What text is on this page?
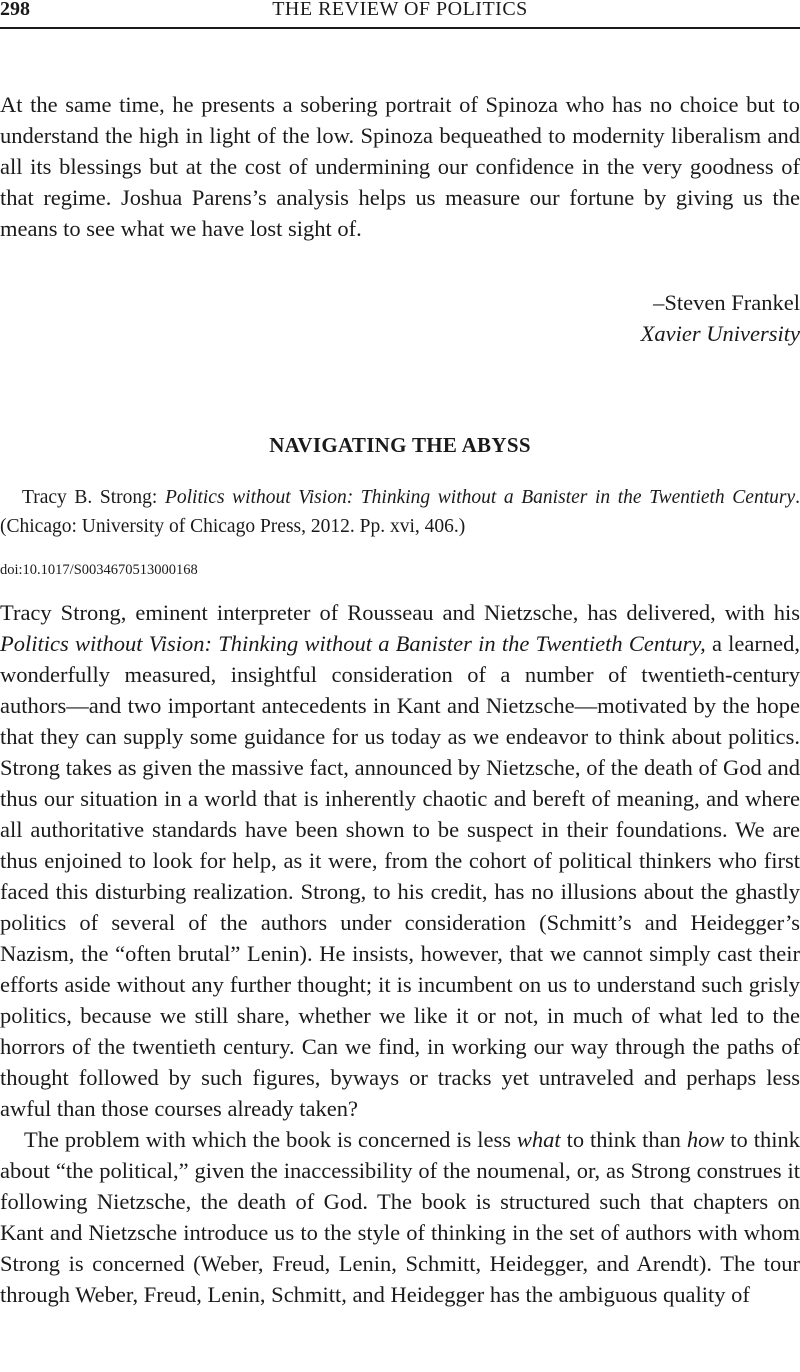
298	THE REVIEW OF POLITICS

At the same time, he presents a sobering portrait of Spinoza who has no choice but to understand the high in light of the low. Spinoza bequeathed to modernity liberalism and all its blessings but at the cost of undermining our confidence in the very goodness of that regime. Joshua Parens’s analysis helps us measure our fortune by giving us the means to see what we have lost sight of.

–Steven Frankel
Xavier University
NAVIGATING THE ABYSS

Tracy B. Strong: Politics without Vision: Thinking without a Banister in the Twentieth Century. (Chicago: University of Chicago Press, 2012. Pp. xvi, 406.)

doi:10.1017/S0034670513000168

Tracy Strong, eminent interpreter of Rousseau and Nietzsche, has delivered, with his Politics without Vision: Thinking without a Banister in the Twentieth Century, a learned, wonderfully measured, insightful consideration of a number of twentieth-century authors—and two important antecedents in Kant and Nietzsche—motivated by the hope that they can supply some guidance for us today as we endeavor to think about politics. Strong takes as given the massive fact, announced by Nietzsche, of the death of God and thus our situation in a world that is inherently chaotic and bereft of meaning, and where all authoritative standards have been shown to be suspect in their foundations. We are thus enjoined to look for help, as it were, from the cohort of political thinkers who first faced this disturbing realization. Strong, to his credit, has no illusions about the ghastly politics of several of the authors under consideration (Schmitt’s and Heidegger’s Nazism, the “often brutal” Lenin). He insists, however, that we cannot simply cast their efforts aside without any further thought; it is incumbent on us to understand such grisly politics, because we still share, whether we like it or not, in much of what led to the horrors of the twentieth century. Can we find, in working our way through the paths of thought followed by such figures, byways or tracks yet untraveled and perhaps less awful than those courses already taken?

The problem with which the book is concerned is less what to think than how to think about “the political,” given the inaccessibility of the noumenal, or, as Strong construes it following Nietzsche, the death of God. The book is structured such that chapters on Kant and Nietzsche introduce us to the style of thinking in the set of authors with whom Strong is concerned (Weber, Freud, Lenin, Schmitt, Heidegger, and Arendt). The tour through Weber, Freud, Lenin, Schmitt, and Heidegger has the ambiguous quality of
